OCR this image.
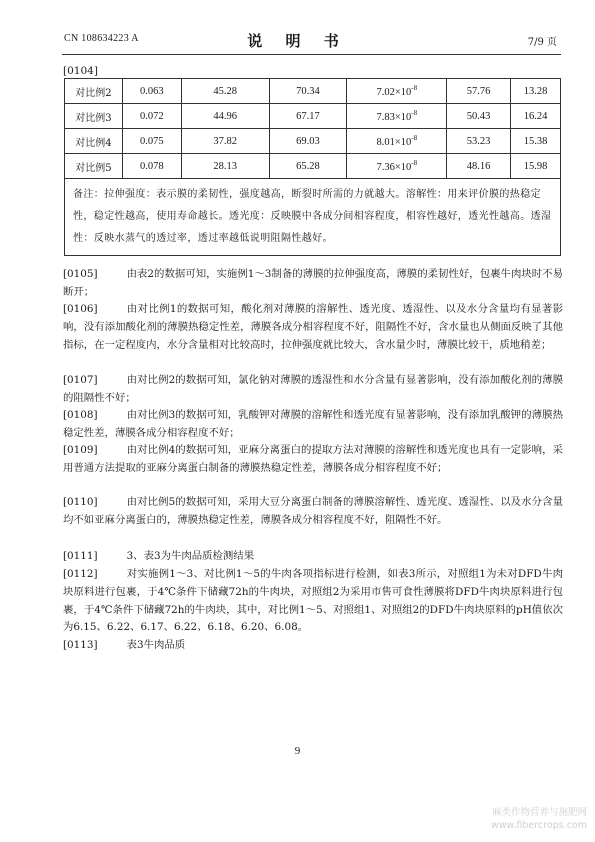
CN 108634223 A	说 明 书	7/9 页
[0104]
对比例2	0.063	45.28	70.34	$7.02\times 10^{-8}$	57.76	13.28
对比例3	0.072	44.96	67.17	$7.83\times 10^{-8}$	50.43	16.24
对比例4	0.075	37.82	69.03	$8.01\times 10^{-8}$	53.23	15.38
对比例5	0.078	28.13	65.28	$7.36\times 10^{-8}$	48.16	15.98
备注：拉伸强度：表示膜的柔韧性，强度越高，断裂时所需的力就越大。溶解性：用来评价膜的热稳定性，稳定性越高，使用寿命越长。透光度：反映膜中各成分间相容程度，相容性越好，透光性越高。透湿性：反映水蒸气的透过率，透过率越低说明阻隔性越好。						
[0105]	由表2的数据可知，实施例1～3制备的薄膜的拉伸强度高，薄膜的柔韧性好，包裹牛肉块时不易断开；
[0106]	由对比例1的数据可知，酸化剂对薄膜的溶解性、透光度、透湿性、以及水分含量均有显著影响，没有添加酸化剂的薄膜热稳定性差，薄膜各成分相容程度不好，阻隔性不好，含水量也从侧面反映了其他指标，在一定程度内，水分含量相对比较高时，拉伸强度就比较大，含水量少时，薄膜比较干，质地稍差；
[0107]	由对比例2的数据可知，氯化钠对薄膜的透湿性和水分含量有显著影响，没有添加酸化剂的薄膜的阻隔性不好；
[0108]	由对比例3的数据可知，乳酸钾对薄膜的溶解性和透光度有显著影响，没有添加乳酸钾的薄膜热稳定性差，薄膜各成分相容程度不好；
[0109]	由对比例4的数据可知，亚麻分离蛋白的提取方法对薄膜的溶解性和透光度也具有一定影响，采用普通方法提取的亚麻分离蛋白制备的薄膜热稳定性差，薄膜各成分相容程度不好；
[0110]	由对比例5的数据可知，采用大豆分离蛋白制备的薄膜溶解性、透光度、透湿性、以及水分含量均不如亚麻分离蛋白的，薄膜热稳定性差，薄膜各成分相容程度不好，阻隔性不好。
[0111]	3、表3为牛肉品质检测结果
[0112]	对实施例1～3、对比例1～5的牛肉各项指标进行检测，如表3所示，对照组1为未对DFD牛肉块原料进行包裹，于4℃条件下储藏72h的牛肉块，对照组2为采用市售可食性薄膜将DFD牛肉块原料进行包裹，于4℃条件下储藏72h的牛肉块，其中，对比例1～5、对照组1、对照组2的DFD牛肉块原料的pH值依次为6.15、6.22、6.17、6.22、6.18、6.20、6.08。
[0113]	表3牛肉品质
9
麻类作物营养与施肥网
www.fibercrops.com
